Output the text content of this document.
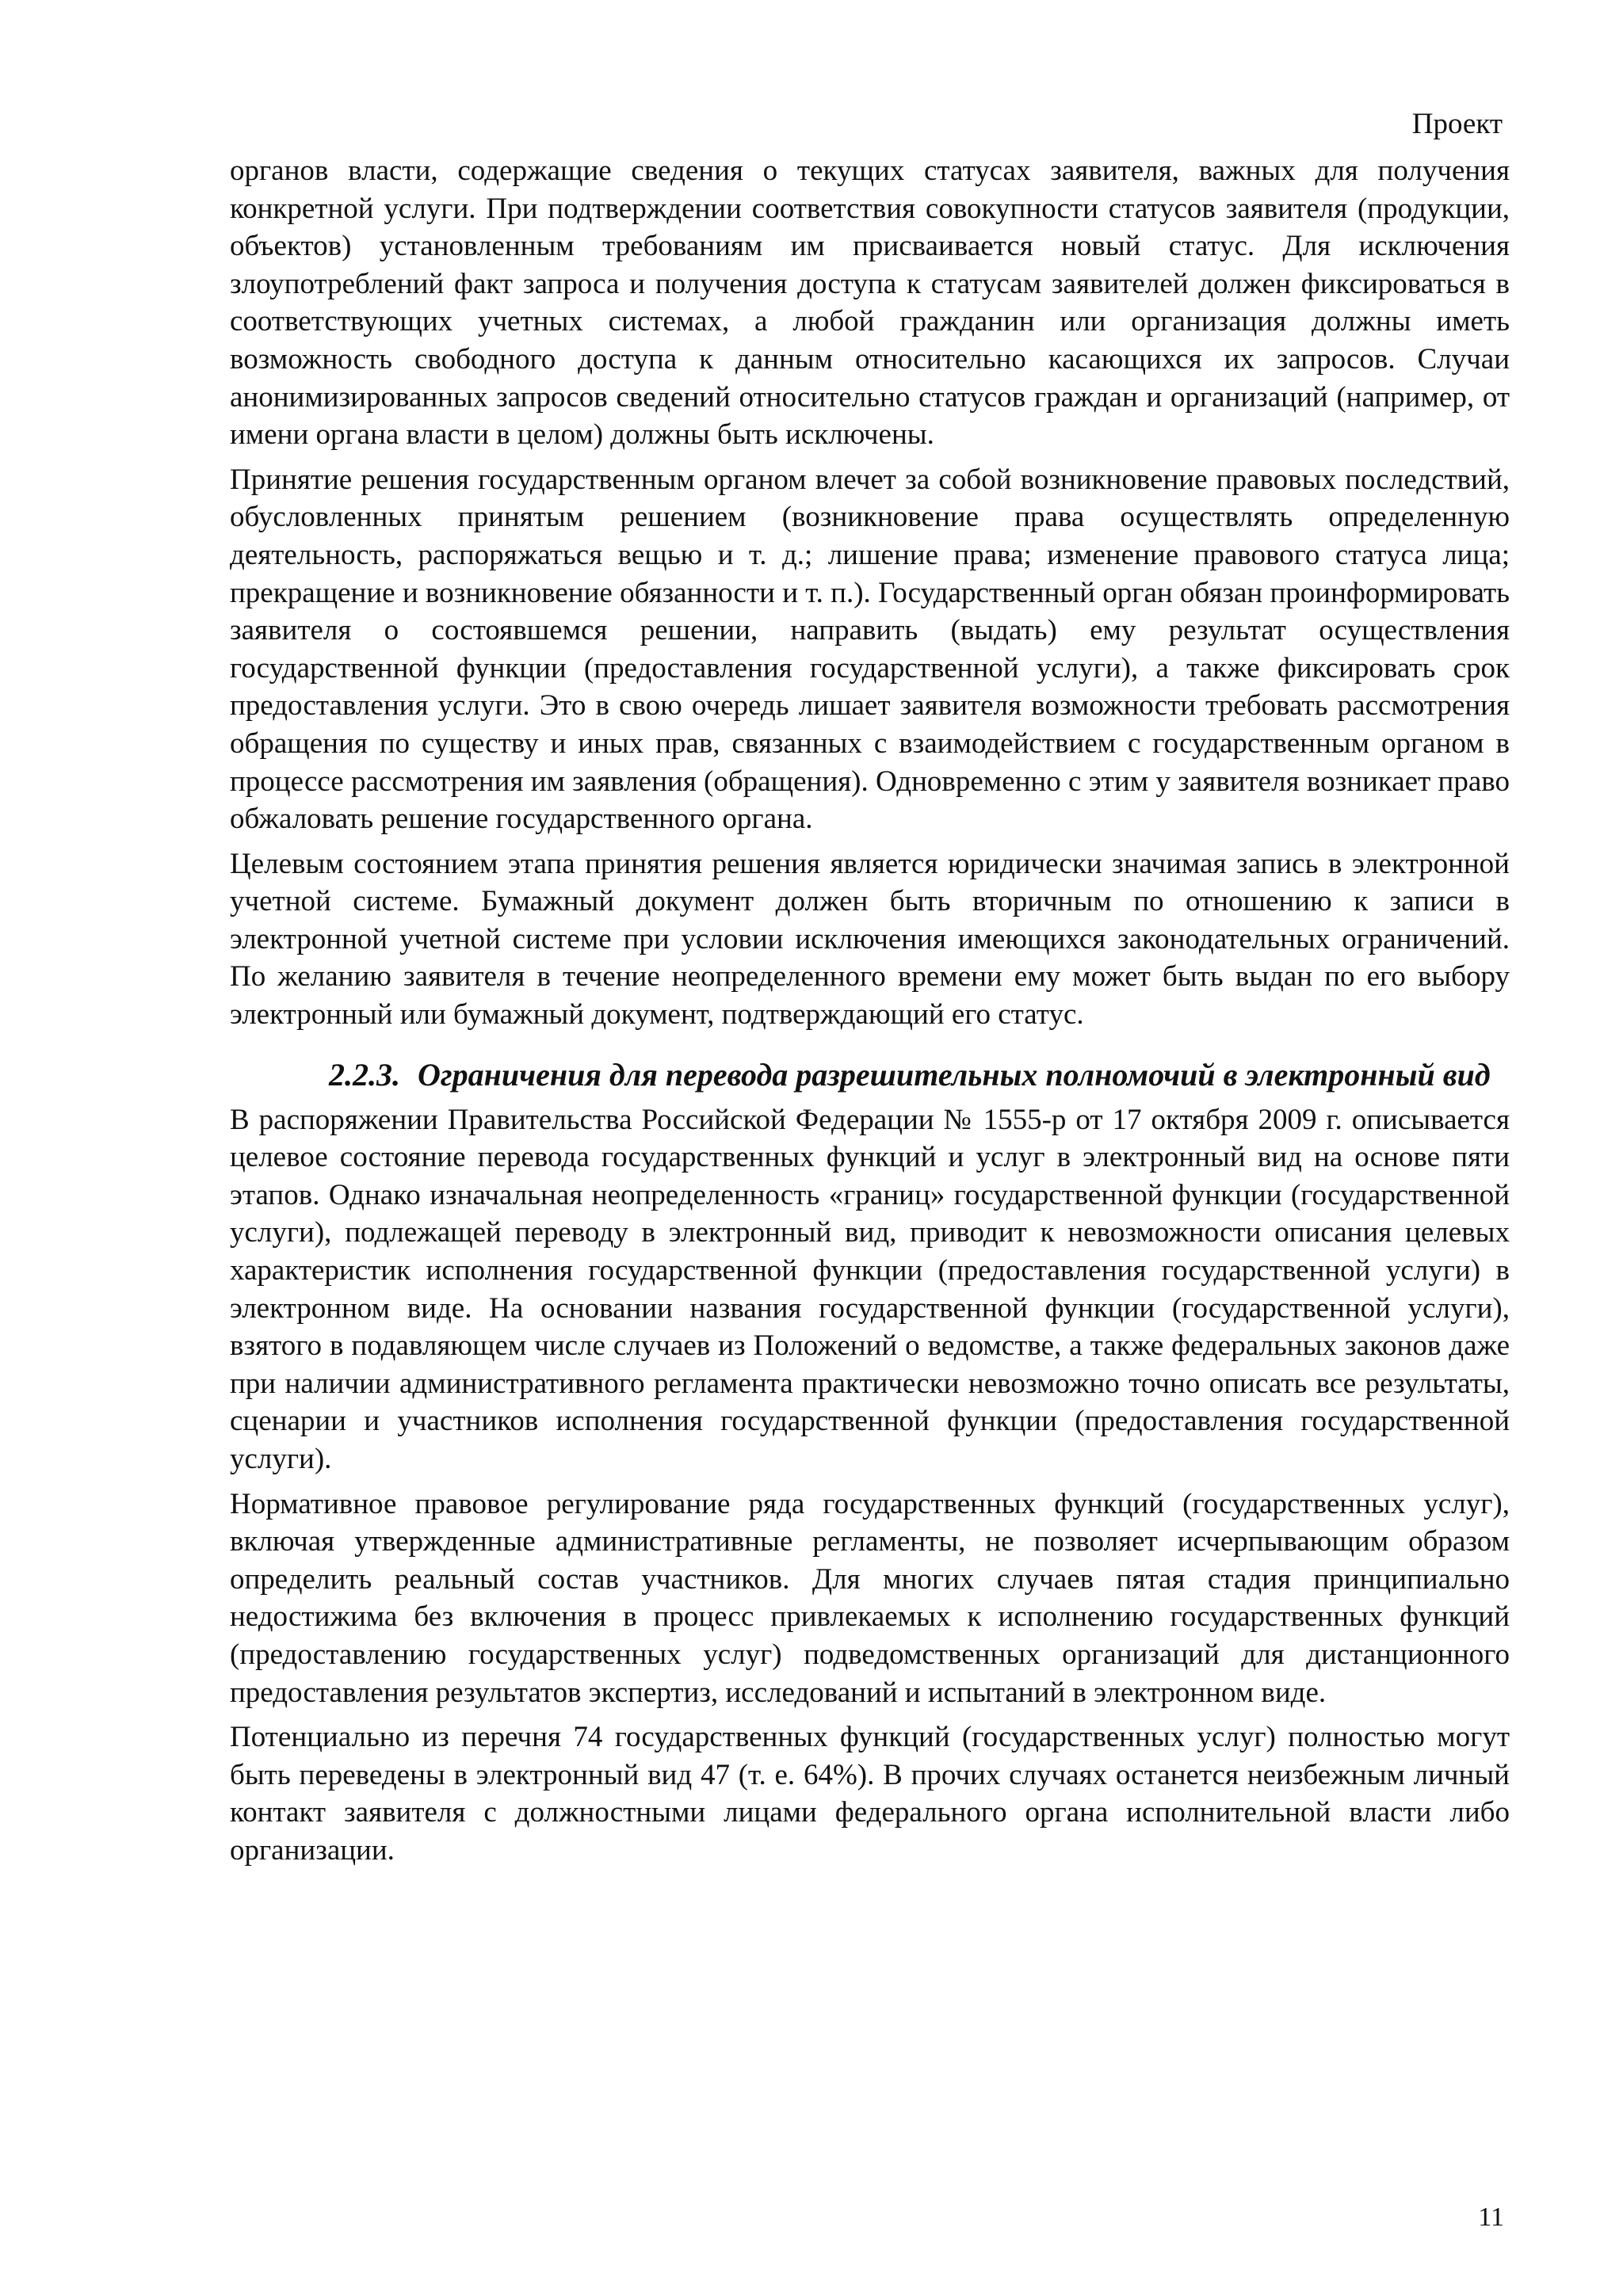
Проект

органов власти, содержащие сведения о текущих статусах заявителя, важных для получения конкретной услуги. При подтверждении соответствия совокупности статусов заявителя (продукции, объектов) установленным требованиям им присваивается новый статус. Для исключения злоупотреблений факт запроса и получения доступа к статусам заявителей должен фиксироваться в соответствующих учетных системах, а любой гражданин или организация должны иметь возможность свободного доступа к данным относительно касающихся их запросов. Случаи анонимизированных запросов сведений относительно статусов граждан и организаций (например, от имени органа власти в целом) должны быть исключены.

Принятие решения государственным органом влечет за собой возникновение правовых последствий, обусловленных принятым решением (возникновение права осуществлять определенную деятельность, распоряжаться вещью и т. д.; лишение права; изменение правового статуса лица; прекращение и возникновение обязанности и т. п.). Государственный орган обязан проинформировать заявителя о состоявшемся решении, направить (выдать) ему результат осуществления государственной функции (предоставления государственной услуги), а также фиксировать срок предоставления услуги. Это в свою очередь лишает заявителя возможности требовать рассмотрения обращения по существу и иных прав, связанных с взаимодействием с государственным органом в процессе рассмотрения им заявления (обращения). Одновременно с этим у заявителя возникает право обжаловать решение государственного органа.

Целевым состоянием этапа принятия решения является юридически значимая запись в электронной учетной системе. Бумажный документ должен быть вторичным по отношению к записи в электронной учетной системе при условии исключения имеющихся законодательных ограничений. По желанию заявителя в течение неопределенного времени ему может быть выдан по его выбору электронный или бумажный документ, подтверждающий его статус.

2.2.3. Ограничения для перевода разрешительных полномочий в электронный вид

В распоряжении Правительства Российской Федерации № 1555-р от 17 октября 2009 г. описывается целевое состояние перевода государственных функций и услуг в электронный вид на основе пяти этапов. Однако изначальная неопределенность «границ» государственной функции (государственной услуги), подлежащей переводу в электронный вид, приводит к невозможности описания целевых характеристик исполнения государственной функции (предоставления государственной услуги) в электронном виде. На основании названия государственной функции (государственной услуги), взятого в подавляющем числе случаев из Положений о ведомстве, а также федеральных законов даже при наличии административного регламента практически невозможно точно описать все результаты, сценарии и участников исполнения государственной функции (предоставления государственной услуги).

Нормативное правовое регулирование ряда государственных функций (государственных услуг), включая утвержденные административные регламенты, не позволяет исчерпывающим образом определить реальный состав участников. Для многих случаев пятая стадия принципиально недостижима без включения в процесс привлекаемых к исполнению государственных функций (предоставлению государственных услуг) подведомственных организаций для дистанционного предоставления результатов экспертиз, исследований и испытаний в электронном виде.

Потенциально из перечня 74 государственных функций (государственных услуг) полностью могут быть переведены в электронный вид 47 (т. е. 64%). В прочих случаях останется неизбежным личный контакт заявителя с должностными лицами федерального органа исполнительной власти либо организации.

11
